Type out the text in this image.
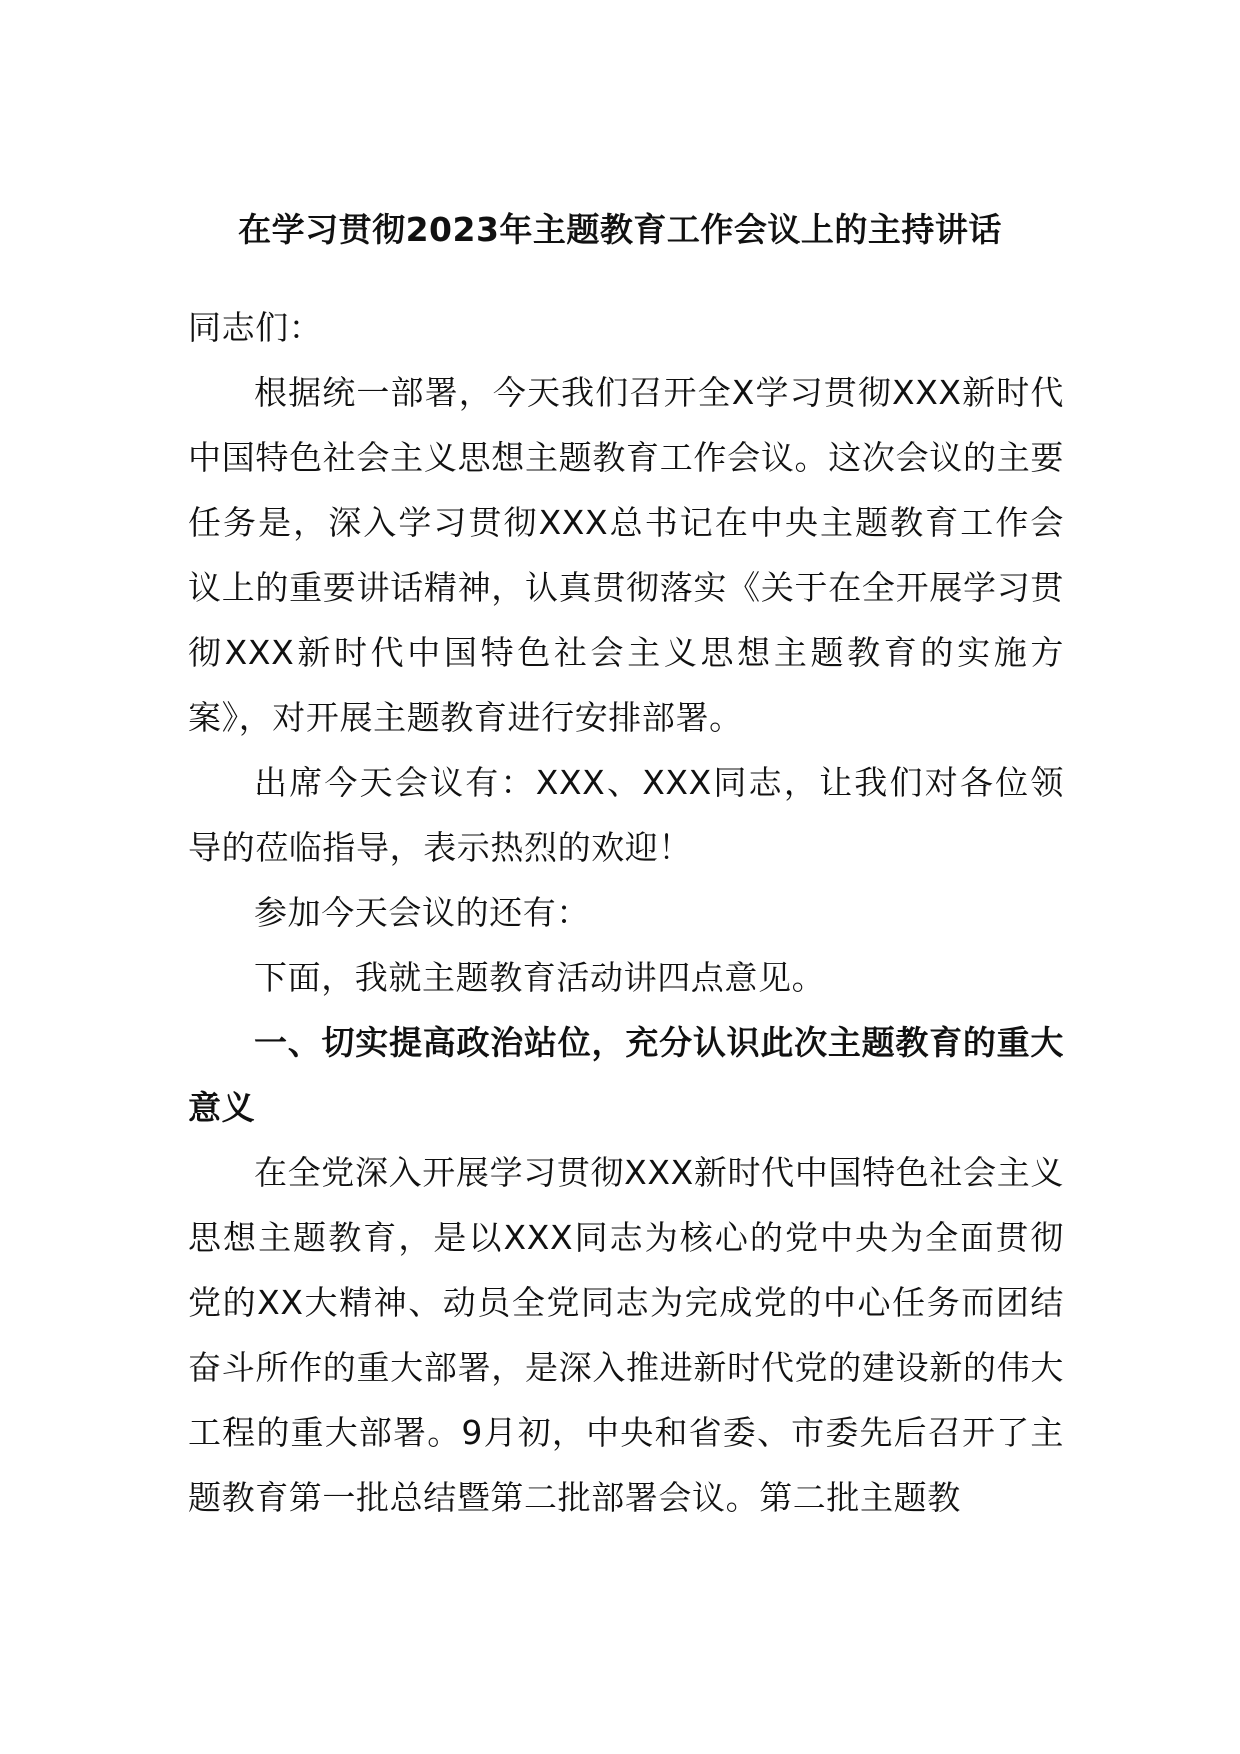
在学习贯彻2023年主题教育工作会议上的主持讲话

同志们：

根据统一部署，今天我们召开全X学习贯彻XXX新时代中国特色社会主义思想主题教育工作会议。这次会议的主要任务是，深入学习贯彻XXX总书记在中央主题教育工作会议上的重要讲话精神，认真贯彻落实《关于在全开展学习贯彻XXX新时代中国特色社会主义思想主题教育的实施方案》，对开展主题教育进行安排部署。

出席今天会议有：XXX、XXX同志，让我们对各位领导的莅临指导，表示热烈的欢迎！

参加今天会议的还有：

下面，我就主题教育活动讲四点意见。

一、切实提高政治站位，充分认识此次主题教育的重大意义

在全党深入开展学习贯彻XXX新时代中国特色社会主义思想主题教育，是以XXX同志为核心的党中央为全面贯彻党的XX大精神、动员全党同志为完成党的中心任务而团结奋斗所作的重大部署，是深入推进新时代党的建设新的伟大工程的重大部署。9月初，中央和省委、市委先后召开了主题教育第一批总结暨第二批部署会议。第二批主题教
